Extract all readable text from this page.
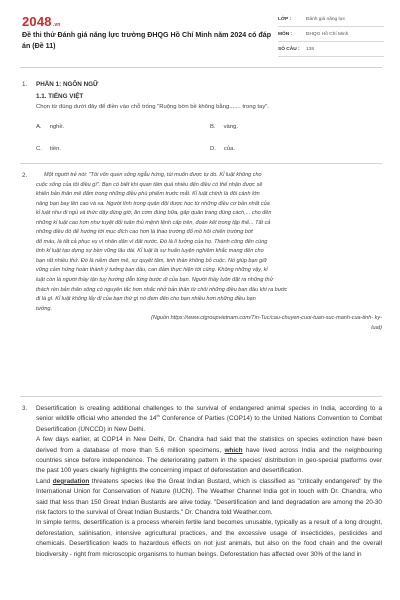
2048.vn
Đề thi thử Đánh giá năng lực trường ĐHQG Hồ Chí Minh năm 2024 có đáp án (Đề 11)
LỚP :	Đánh giá năng lực
MÔN :	ĐHQG Hồ Chí Minh
SỐ CÂU :	138
1. PHẦN 1: NGÔN NGỮ
1.1. TIẾNG VIỆT
Chọn từ đúng dưới đây để điền vào chỗ trống "Ruộng bờn bề không bằng....... trong tay".
A. nghề.	B. vàng.
C. tiền.	D. của.
2.	Một người trẻ nói: "Tôi vốn quen sống ngẫu hứng, tùi muốn được tự do. Kỉ luật không cho
cuộc sống của tôi điều gì". Bạn có biết khi quan tâm quá nhiều đến điều có thể nhận được sẽ
khiến bản thân mê đắm trong những điều phù phiếm trước mắt. Kỉ luật chính là đôi cánh lớn
nâng bạn bay lên cao và xa. Người lính trong quân đội được học từ những điều cơ bản nhất của
kỉ luật như đi ngủ và thức dậy đúng giờ, ăn cơm đúng bữa, gấp quân trang đúng cách,... cho đến
những kỉ luật cao hơn như tuyệt đối tuân thủ mệnh lệnh cấp trên, đoàn kết trong tập thể... Tất cả
những điều đó để hướng tới mục đích cao hơn là thao trường đổ mồ hôi chiến trường bớt
đổ máu, là tất cả phục vụ vì nhân dân vì đất nước. Đó là lí tưởng của họ. Thành công đến cùng
tinh kỉ luật tạo dựng sự bền vững lâu dài. Kỉ luật là sự huấn luyện nghiêm khắc mang đến cho
bạn rất nhiều thứ. Đó là niềm đam mê, sự quyết tâm, tinh thần không bỏ cuộc. Nó giúp bạn giữ
vững cảm hứng hoàn thành ý tưởng ban đầu, can đảm thực hiện tới cùng. Không những vậy, kỉ
luật còn là người thầy tận tụy hướng dẫn từng bước đi của bạn. Người thầy luôn đặt ra những thử
thách rèn bản thân sống có nguyên tắc hơn nhắc nhở bản thân từ chối những điều ban đầu khi ra bước
đi là gì. Kỉ luật không lấy đi của bạn thứ gì nó đem đến cho bạn nhiều hơn những điều bạn
tưởng.
(Nguồn https://www.ctgroupvietnam.com/Tin-Tuc/cau-chuyen-cuoi-tuan-suc-manh-cua-tinh- ky-
luat)
3. Desertification is creating additional challenges to the survival of endangered animal species in India, according to a senior wildlife official who attended the 14th Conference of Parties (COP14) to the United Nations Convention to Combat Desertification (UNCCD) in New Delhi.

A few days earlier, at COP14 in New Delhi, Dr. Chandra had said that the statistics on species extinction have been derived from a database of more than 5.6 million specimens, which have lived across India and the neighbouring countries since before independence. The deteriorating pattern in the species' distribution in geo-special platforms over the past 100 years clearly highlights the concerning impact of deforestation and desertification.

Land degradation threatens species like the Great Indian Bustard, which is classified as "critically endangered" by the International Union for Conservation of Nature (IUCN). The Weather Channel India got in touch with Dr. Chandra, who said that less than 150 Great Indian Bustards are alive today. "Desertification and land degradation are among the 20-30 risk factors to the survival of Great Indian Bustards," Dr. Chandra told Weather.com.

In simple terms, desertification is a process wherein fertile land becomes unusable, typically as a result of a long drought, deforestation, salinisation, intensive agricultural practices, and the excessive usage of insecticides, pesticides and chemicals. Desertification leads to hazardous effects on not just animals, but also on the food chain and the overall biodiversity - right from microscopic organisms to human beings. Deforestation has affected over 30% of the land in
